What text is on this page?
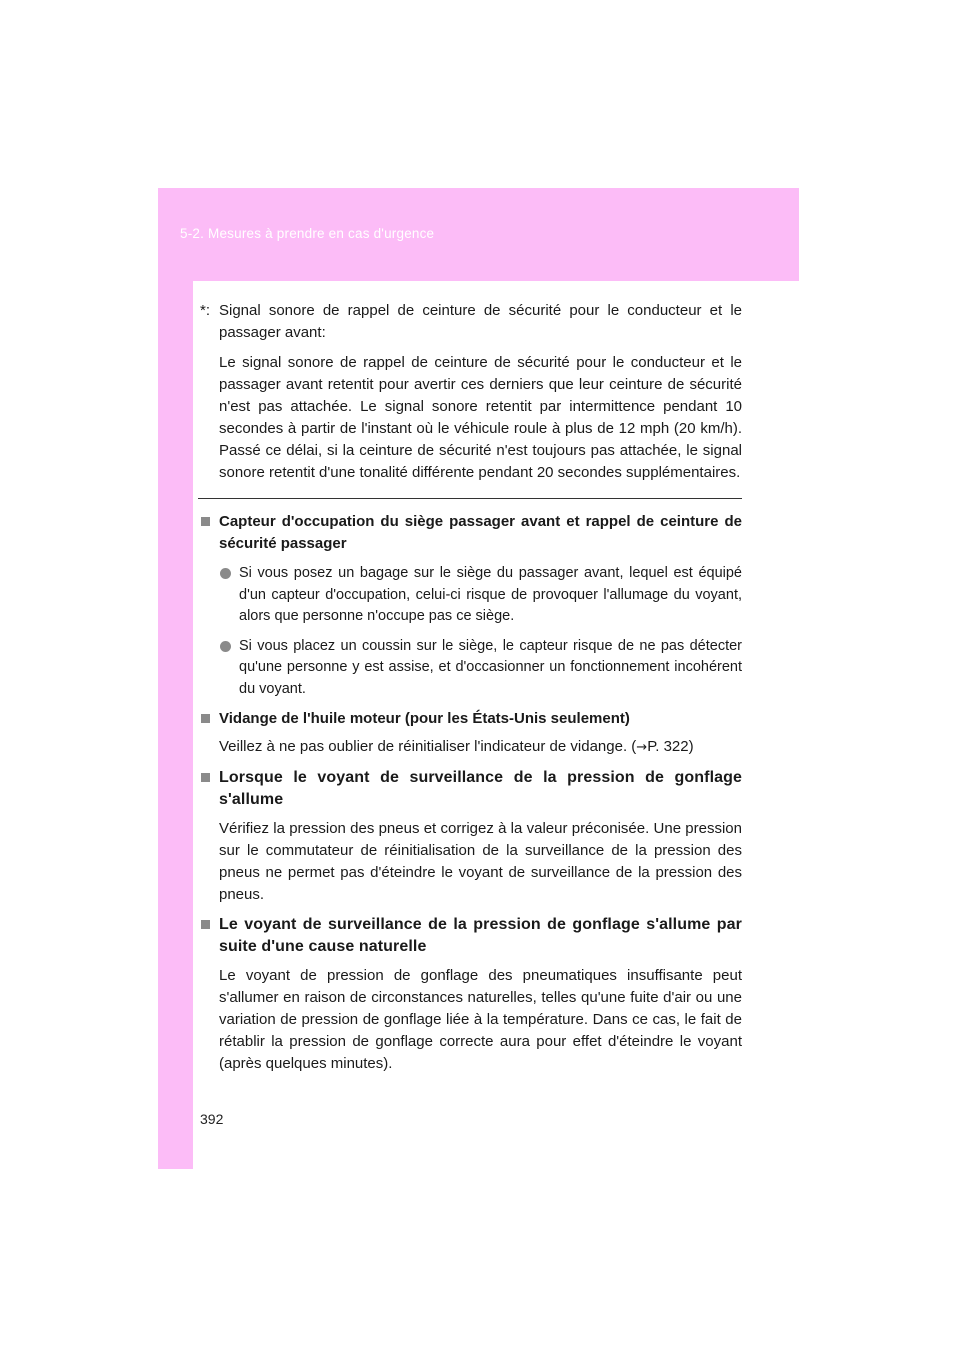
5-2. Mesures à prendre en cas d'urgence
*: Signal sonore de rappel de ceinture de sécurité pour le conducteur et le passager avant:

Le signal sonore de rappel de ceinture de sécurité pour le conducteur et le passager avant retentit pour avertir ces derniers que leur ceinture de sécurité n'est pas attachée. Le signal sonore retentit par intermittence pendant 10 secondes à partir de l'instant où le véhicule roule à plus de 12 mph (20 km/h). Passé ce délai, si la ceinture de sécurité n'est toujours pas attachée, le signal sonore retentit d'une tonalité différente pendant 20 secondes supplémentaires.

Capteur d'occupation du siège passager avant et rappel de ceinture de sécurité passager
Si vous posez un bagage sur le siège du passager avant, lequel est équipé d'un capteur d'occupation, celui-ci risque de provoquer l'allumage du voyant, alors que personne n'occupe pas ce siège.
Si vous placez un coussin sur le siège, le capteur risque de ne pas détecter qu'une personne y est assise, et d'occasionner un fonctionnement incohérent du voyant.
Vidange de l'huile moteur (pour les États-Unis seulement)
Veillez à ne pas oublier de réinitialiser l'indicateur de vidange. (→P. 322)
Lorsque le voyant de surveillance de la pression de gonflage s'allume
Vérifiez la pression des pneus et corrigez à la valeur préconisée. Une pression sur le commutateur de réinitialisation de la surveillance de la pression des pneus ne permet pas d'éteindre le voyant de surveillance de la pression des pneus.
Le voyant de surveillance de la pression de gonflage s'allume par suite d'une cause naturelle
Le voyant de pression de gonflage des pneumatiques insuffisante peut s'allumer en raison de circonstances naturelles, telles qu'une fuite d'air ou une variation de pression de gonflage liée à la température. Dans ce cas, le fait de rétablir la pression de gonflage correcte aura pour effet d'éteindre le voyant (après quelques minutes).
392
